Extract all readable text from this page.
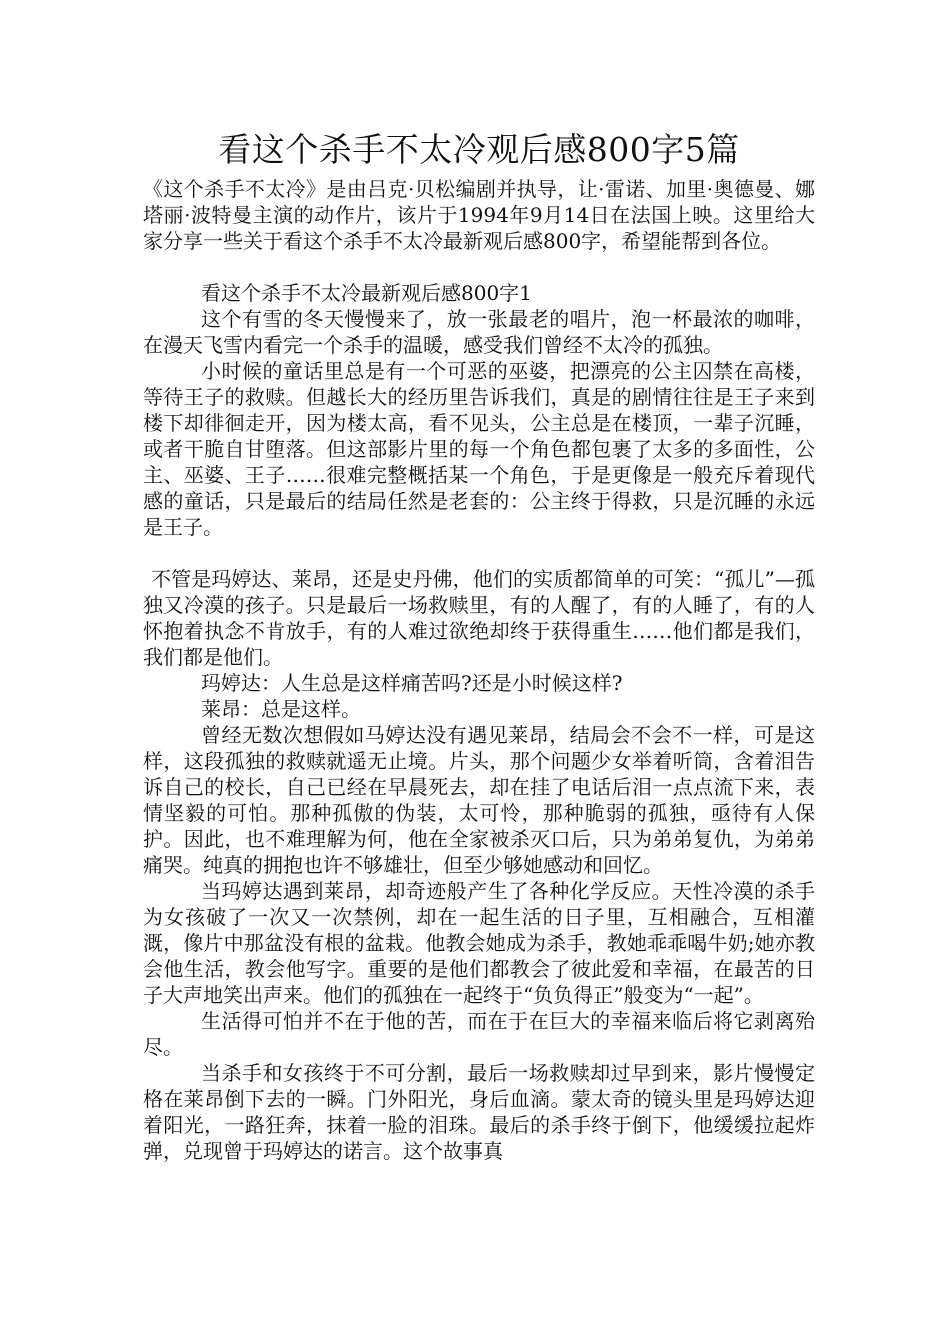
看这个杀手不太冷观后感800字5篇

《这个杀手不太冷》是由吕克·贝松编剧并执导，让·雷诺、加里·奥德曼、娜塔丽·波特曼主演的动作片，该片于1994年9月14日在法国上映。这里给大家分享一些关于看这个杀手不太冷最新观后感800字，希望能帮到各位。

看这个杀手不太冷最新观后感800字1

这个有雪的冬天慢慢来了，放一张最老的唱片，泡一杯最浓的咖啡，在漫天飞雪内看完一个杀手的温暖，感受我们曾经不太冷的孤独。

小时候的童话里总是有一个可恶的巫婆，把漂亮的公主囚禁在高楼，等待王子的救赎。但越长大的经历里告诉我们，真是的剧情往往是王子来到楼下却徘徊走开，因为楼太高，看不见头，公主总是在楼顶，一辈子沉睡，或者干脆自甘堕落。但这部影片里的每一个角色都包裹了太多的多面性，公主、巫婆、王子……很难完整概括某一个角色，于是更像是一般充斥着现代感的童话，只是最后的结局任然是老套的：公主终于得救，只是沉睡的永远是王子。

不管是玛婷达、莱昂，还是史丹佛，他们的实质都简单的可笑：“孤儿”—孤独又冷漠的孩子。只是最后一场救赎里，有的人醒了，有的人睡了，有的人怀抱着执念不肯放手，有的人难过欲绝却终于获得重生……他们都是我们，我们都是他们。

玛婷达：人生总是这样痛苦吗?还是小时候这样?

莱昂：总是这样。

曾经无数次想假如马婷达没有遇见莱昂，结局会不会不一样，可是这样，这段孤独的救赎就遥无止境。片头，那个问题少女举着听筒，含着泪告诉自己的校长，自己已经在早晨死去，却在挂了电话后泪一点点流下来，表情坚毅的可怕。那种孤傲的伪装，太可怜，那种脆弱的孤独，亟待有人保护。因此，也不难理解为何，他在全家被杀灭口后，只为弟弟复仇，为弟弟痛哭。纯真的拥抱也许不够雄壮，但至少够她感动和回忆。

当玛婷达遇到莱昂，却奇迹般产生了各种化学反应。天性冷漠的杀手为女孩破了一次又一次禁例，却在一起生活的日子里，互相融合，互相灌溉，像片中那盆没有根的盆栽。他教会她成为杀手，教她乖乖喝牛奶;她亦教会他生活，教会他写字。重要的是他们都教会了彼此爱和幸福，在最苦的日子大声地笑出声来。他们的孤独在一起终于“负负得正”般变为“一起”。

生活得可怕并不在于他的苦，而在于在巨大的幸福来临后将它剥离殆尽。

当杀手和女孩终于不可分割，最后一场救赎却过早到来，影片慢慢定格在莱昂倒下去的一瞬。门外阳光，身后血滴。蒙太奇的镜头里是玛婷达迎着阳光，一路狂奔，抹着一脸的泪珠。最后的杀手终于倒下，他缓缓拉起炸弹，兑现曾于玛婷达的诺言。这个故事真
